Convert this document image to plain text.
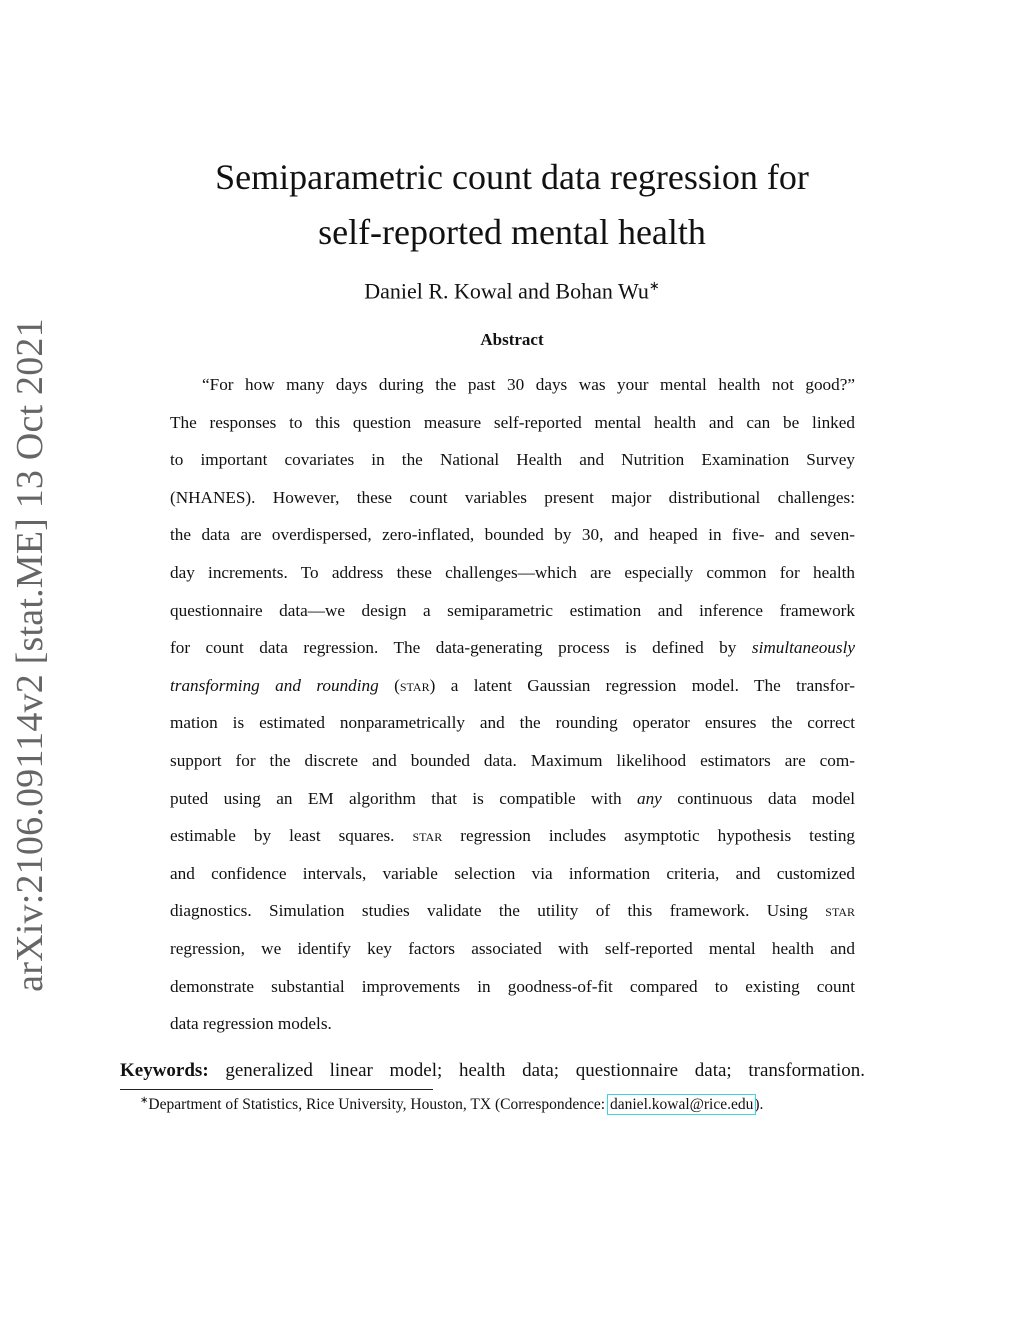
arXiv:2106.09114v2 [stat.ME] 13 Oct 2021
Semiparametric count data regression for
self-reported mental health
Daniel R. Kowal and Bohan Wu∗
Abstract
“For how many days during the past 30 days was your mental health not good?”
The responses to this question measure self-reported mental health and can be linked
to important covariates in the National Health and Nutrition Examination Survey
(NHANES). However, these count variables present major distributional challenges:
the data are overdispersed, zero-inflated, bounded by 30, and heaped in five- and seven-
day increments. To address these challenges—which are especially common for health
questionnaire data—we design a semiparametric estimation and inference framework
for count data regression. The data-generating process is defined by simultaneously
transforming and rounding (star) a latent Gaussian regression model. The transfor-
mation is estimated nonparametrically and the rounding operator ensures the correct
support for the discrete and bounded data. Maximum likelihood estimators are com-
puted using an EM algorithm that is compatible with any continuous data model
estimable by least squares. star regression includes asymptotic hypothesis testing
and confidence intervals, variable selection via information criteria, and customized
diagnostics. Simulation studies validate the utility of this framework. Using star
regression, we identify key factors associated with self-reported mental health and
demonstrate substantial improvements in goodness-of-fit compared to existing count
data regression models.
Keywords: generalized linear model; health data; questionnaire data; transformation.
∗Department of Statistics, Rice University, Houston, TX (Correspondence: daniel.kowal@rice.edu).
